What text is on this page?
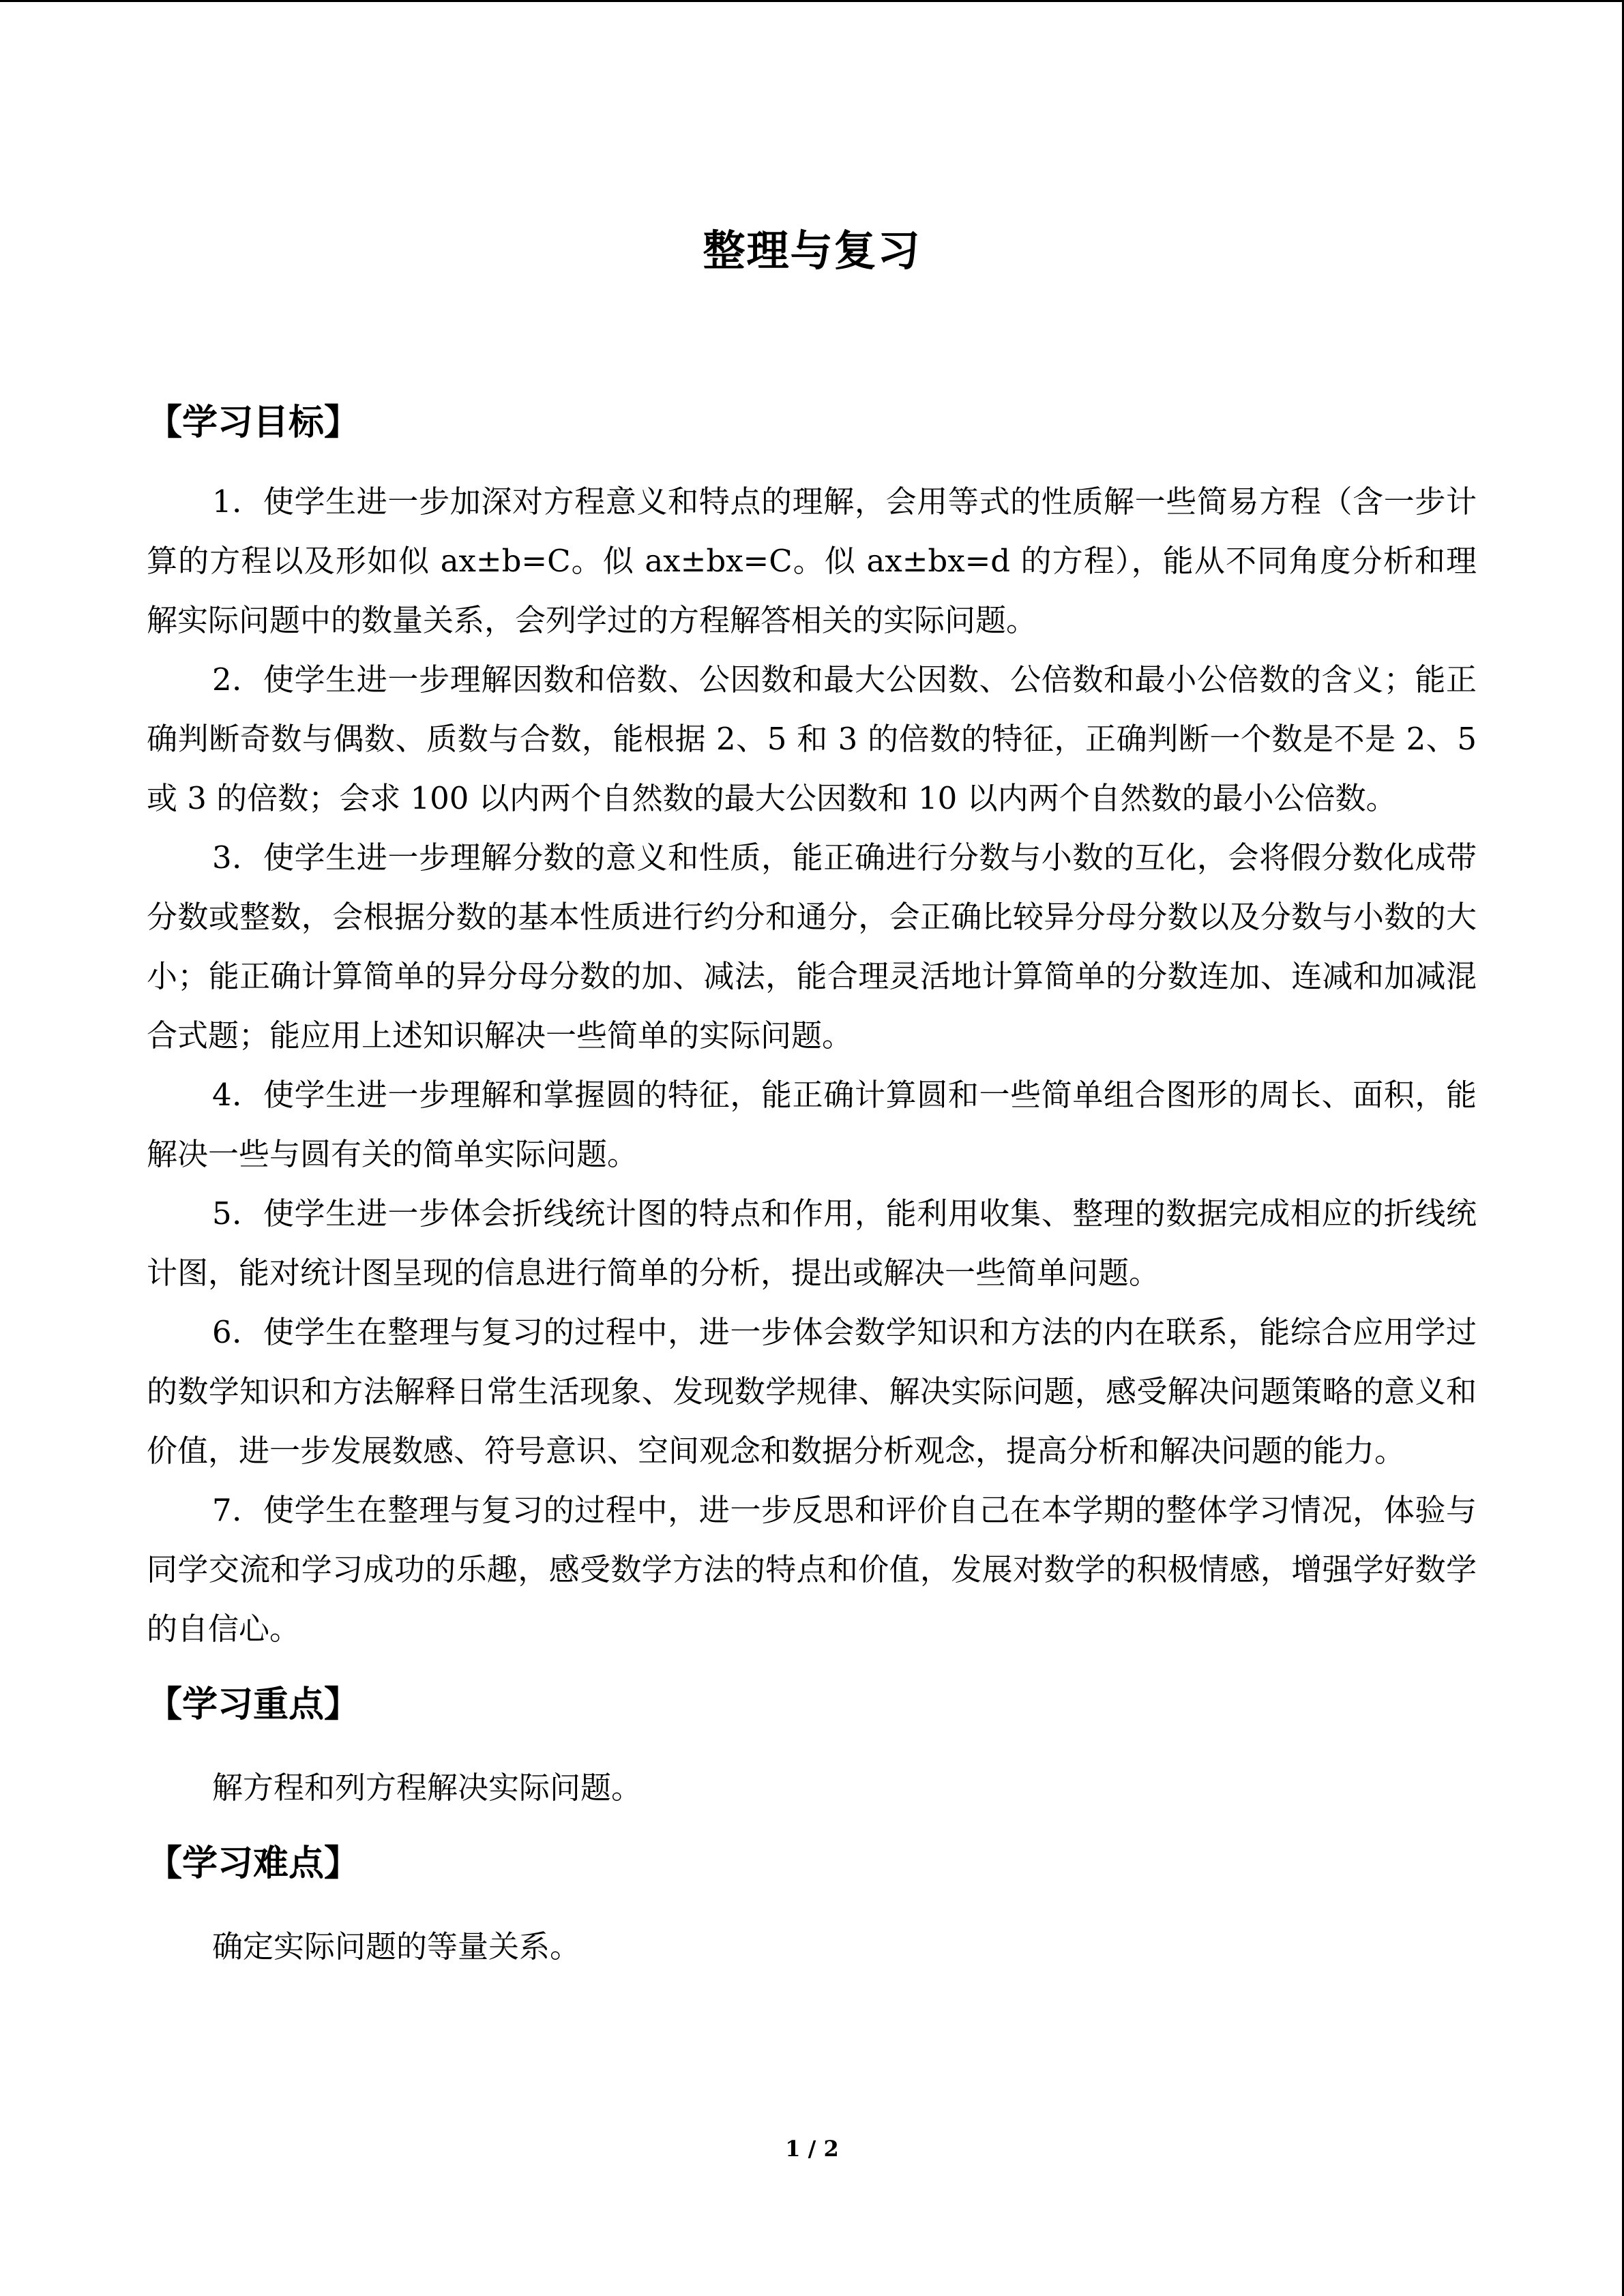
整理与复习

【学习目标】

1．使学生进一步加深对方程意义和特点的理解，会用等式的性质解一些简易方程（含一步计算的方程以及形如似 ax±b=C。似 ax±bx=C。似 ax±bx=d 的方程），能从不同角度分析和理解实际问题中的数量关系，会列学过的方程解答相关的实际问题。

2．使学生进一步理解因数和倍数、公因数和最大公因数、公倍数和最小公倍数的含义；能正确判断奇数与偶数、质数与合数，能根据 2、5 和 3 的倍数的特征，正确判断一个数是不是 2、5 或 3 的倍数；会求 100 以内两个自然数的最大公因数和 10 以内两个自然数的最小公倍数。

3．使学生进一步理解分数的意义和性质，能正确进行分数与小数的互化，会将假分数化成带分数或整数，会根据分数的基本性质进行约分和通分，会正确比较异分母分数以及分数与小数的大小；能正确计算简单的异分母分数的加、减法，能合理灵活地计算简单的分数连加、连减和加减混合式题；能应用上述知识解决一些简单的实际问题。

4．使学生进一步理解和掌握圆的特征，能正确计算圆和一些简单组合图形的周长、面积，能解决一些与圆有关的简单实际问题。

5．使学生进一步体会折线统计图的特点和作用，能利用收集、整理的数据完成相应的折线统计图，能对统计图呈现的信息进行简单的分析，提出或解决一些简单问题。

6．使学生在整理与复习的过程中，进一步体会数学知识和方法的内在联系，能综合应用学过的数学知识和方法解释日常生活现象、发现数学规律、解决实际问题，感受解决问题策略的意义和价值，进一步发展数感、符号意识、空间观念和数据分析观念，提高分析和解决问题的能力。

7．使学生在整理与复习的过程中，进一步反思和评价自己在本学期的整体学习情况，体验与同学交流和学习成功的乐趣，感受数学方法的特点和价值，发展对数学的积极情感，增强学好数学的自信心。

【学习重点】

解方程和列方程解决实际问题。

【学习难点】

确定实际问题的等量关系。

1 / 2
